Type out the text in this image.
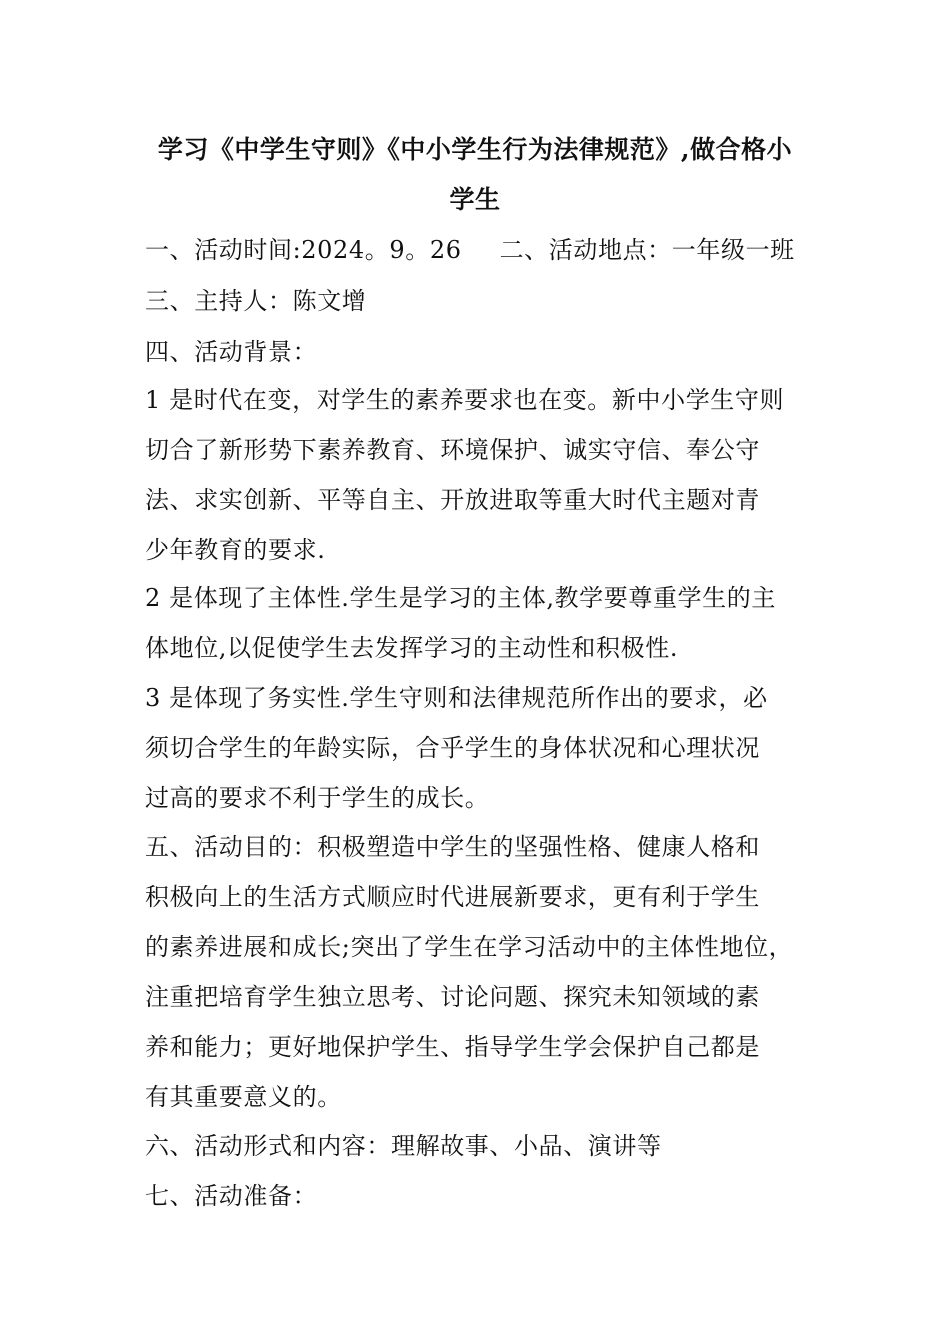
学习《中学生守则》《中小学生行为法律规范》,做合格小
学生
一、活动时间:2024。9。26 二、活动地点：一年级一班
三、主持人：陈文增
四、活动背景：
1 是时代在变，对学生的素养要求也在变。新中小学生守则
切合了新形势下素养教育、环境保护、诚实守信、奉公守
法、求实创新、平等自主、开放进取等重大时代主题对青
少年教育的要求.
2 是体现了主体性.学生是学习的主体,教学要尊重学生的主
体地位,以促使学生去发挥学习的主动性和积极性.
3 是体现了务实性.学生守则和法律规范所作出的要求，必
须切合学生的年龄实际，合乎学生的身体状况和心理状况
过高的要求不利于学生的成长。
五、活动目的：积极塑造中学生的坚强性格、健康人格和
积极向上的生活方式顺应时代进展新要求，更有利于学生
的素养进展和成长;突出了学生在学习活动中的主体性地位，
注重把培育学生独立思考、讨论问题、探究未知领域的素
养和能力；更好地保护学生、指导学生学会保护自己都是
有其重要意义的。
六、活动形式和内容：理解故事、小品、演讲等
七、活动准备：
